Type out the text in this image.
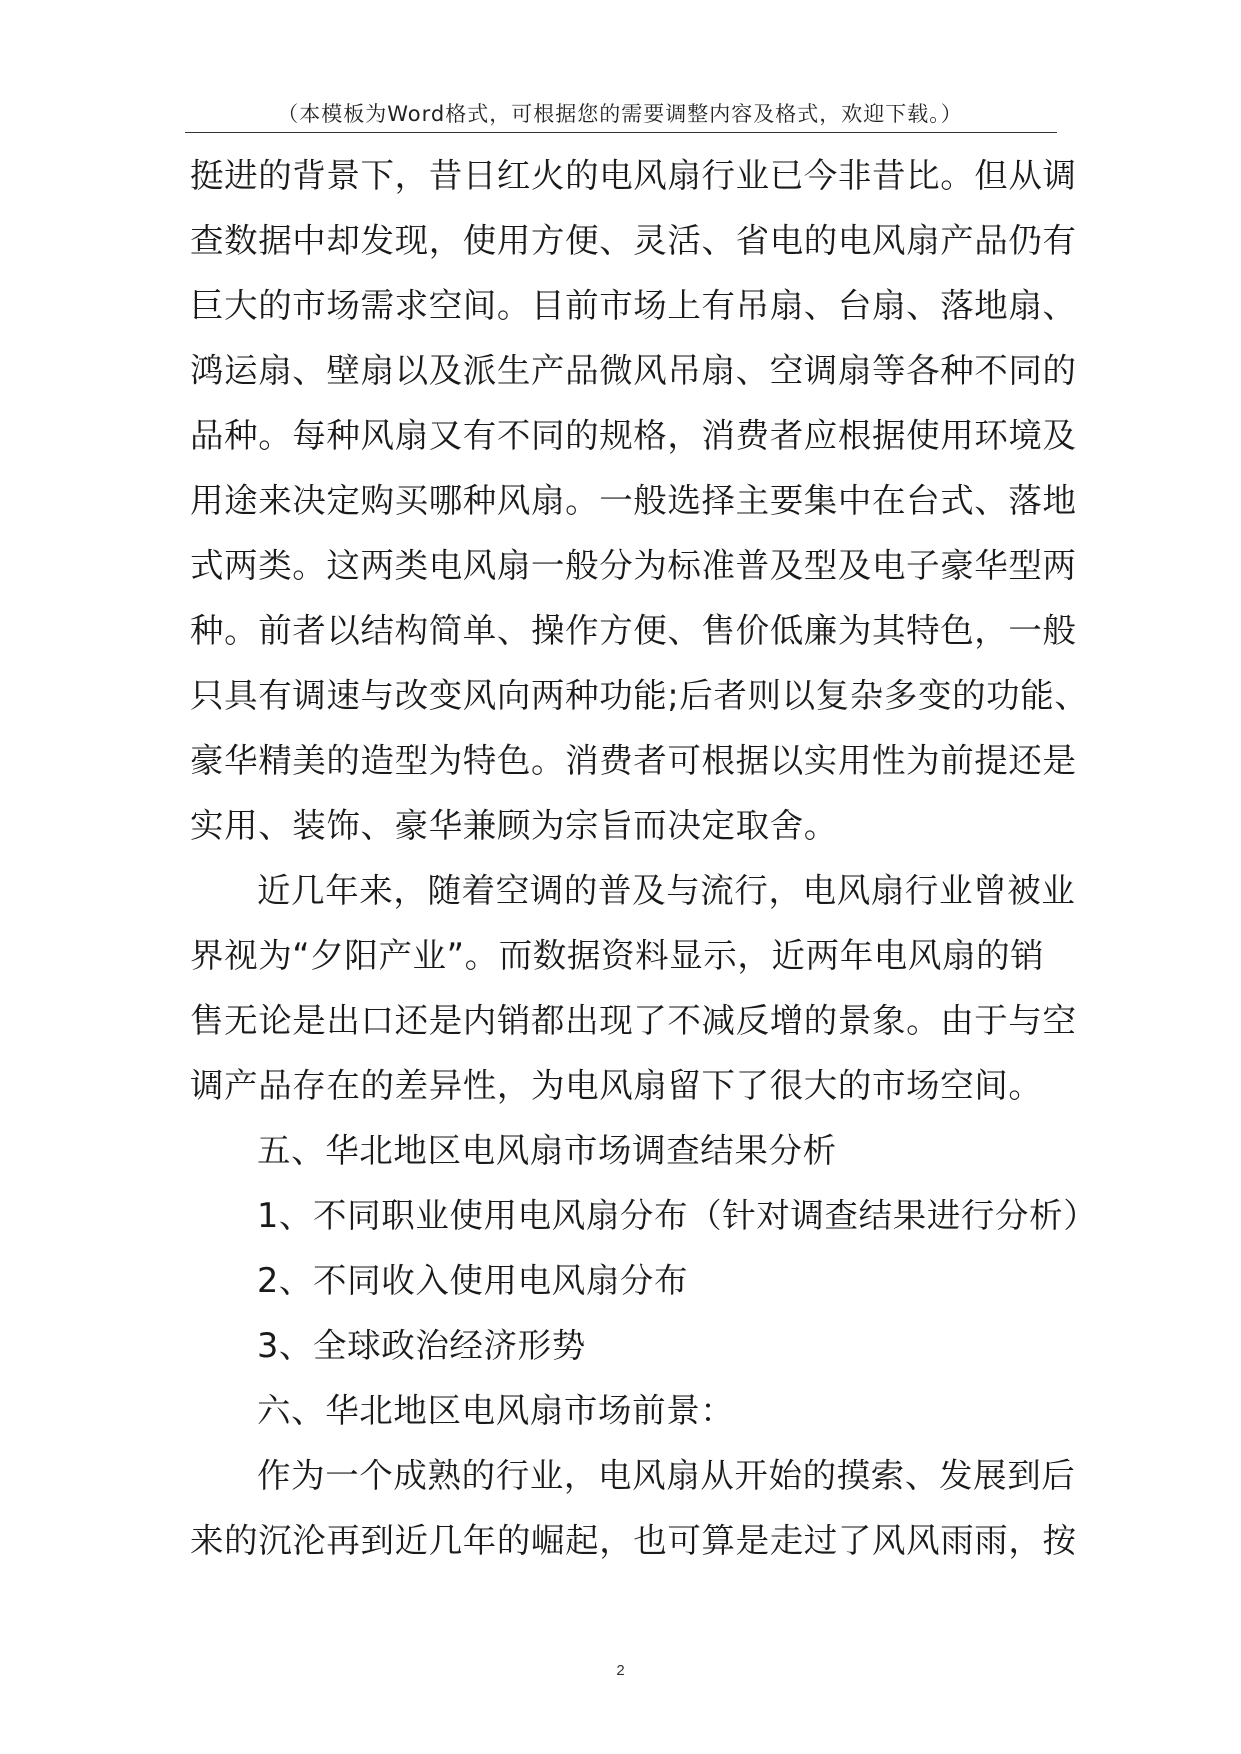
（本模板为Word格式，可根据您的需要调整内容及格式，欢迎下载。）
挺进的背景下，昔日红火的电风扇行业已今非昔比。但从调
查数据中却发现，使用方便、灵活、省电的电风扇产品仍有
巨大的市场需求空间。目前市场上有吊扇、台扇、落地扇、
鸿运扇、壁扇以及派生产品微风吊扇、空调扇等各种不同的
品种。每种风扇又有不同的规格，消费者应根据使用环境及
用途来决定购买哪种风扇。一般选择主要集中在台式、落地
式两类。这两类电风扇一般分为标准普及型及电子豪华型两
种。前者以结构简单、操作方便、售价低廉为其特色，一般
只具有调速与改变风向两种功能;后者则以复杂多变的功能、
豪华精美的造型为特色。消费者可根据以实用性为前提还是
实用、装饰、豪华兼顾为宗旨而决定取舍。
近几年来，随着空调的普及与流行，电风扇行业曾被业
界视为“夕阳产业”。而数据资料显示，近两年电风扇的销
售无论是出口还是内销都出现了不减反增的景象。由于与空
调产品存在的差异性，为电风扇留下了很大的市场空间。
五、华北地区电风扇市场调查结果分析
1、不同职业使用电风扇分布（针对调查结果进行分析）
2、不同收入使用电风扇分布
3、全球政治经济形势
六、华北地区电风扇市场前景：
作为一个成熟的行业，电风扇从开始的摸索、发展到后
来的沉沦再到近几年的崛起，也可算是走过了风风雨雨，按
2
